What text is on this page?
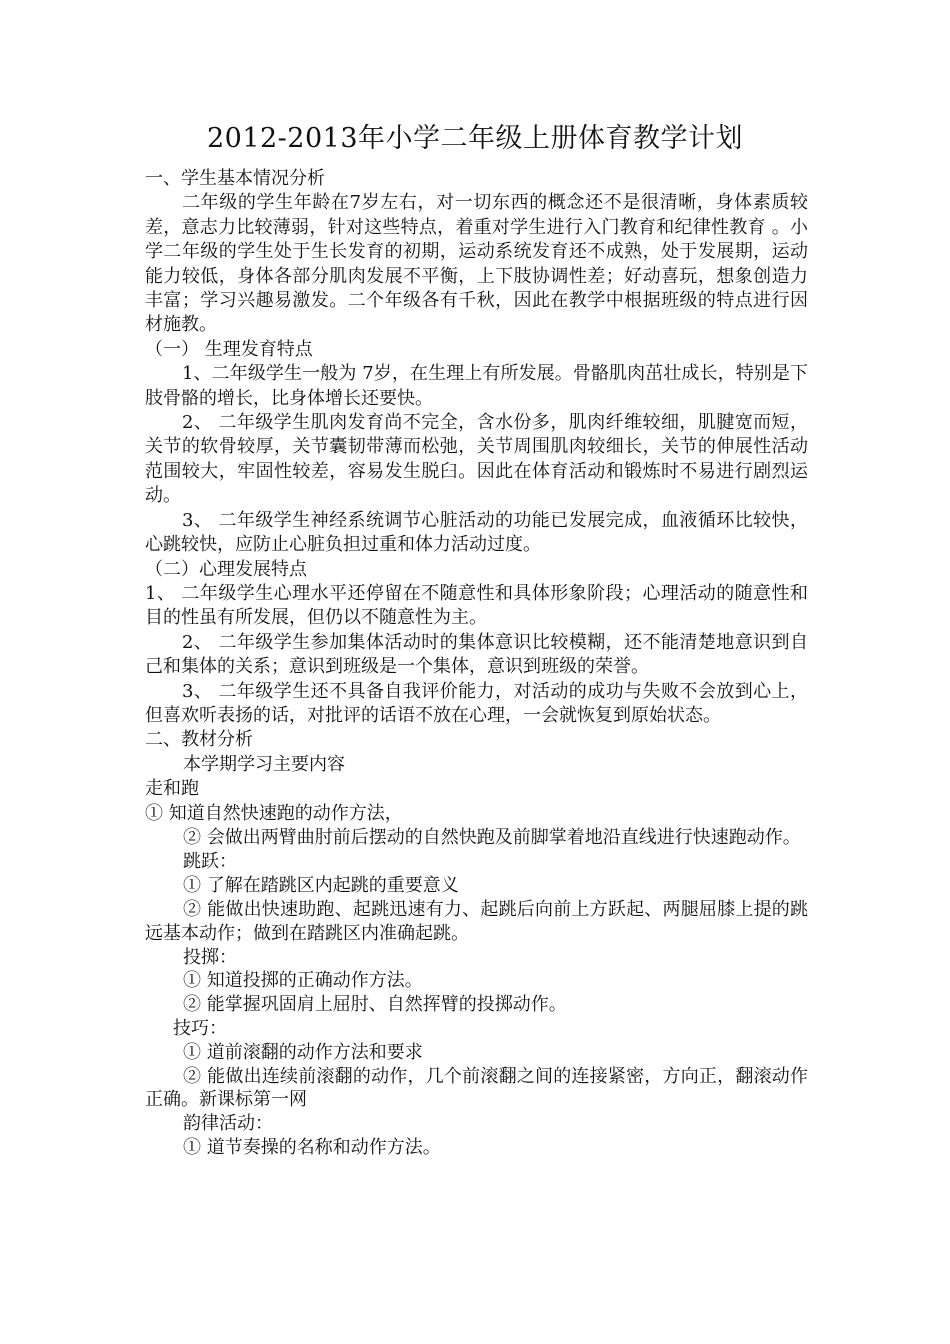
2012-2013年小学二年级上册体育教学计划

一、学生基本情况分析

二年级的学生年龄在7岁左右，对一切东西的概念还不是很清晰，身体素质较差，意志力比较薄弱，针对这些特点，着重对学生进行入门教育和纪律性教育 。小学二年级的学生处于生长发育的初期，运动系统发育还不成熟，处于发展期，运动能力较低，身体各部分肌肉发展不平衡，上下肢协调性差；好动喜玩，想象创造力丰富；学习兴趣易激发。二个年级各有千秋，因此在教学中根据班级的特点进行因材施教。

（一） 生理发育特点

1、二年级学生一般为 7岁，在生理上有所发展。骨骼肌肉茁壮成长，特别是下肢骨骼的增长，比身体增长还要快。

2、 二年级学生肌肉发育尚不完全，含水份多，肌肉纤维较细，肌腱宽而短，关节的软骨较厚，关节囊韧带薄而松弛，关节周围肌肉较细长，关节的伸展性活动范围较大，牢固性较差，容易发生脱臼。因此在体育活动和锻炼时不易进行剧烈运动。

3、 二年级学生神经系统调节心脏活动的功能已发展完成，血液循环比较快，心跳较快，应防止心脏负担过重和体力活动过度。

（二）心理发展特点

1、 二年级学生心理水平还停留在不随意性和具体形象阶段；心理活动的随意性和目的性虽有所发展，但仍以不随意性为主。

2、 二年级学生参加集体活动时的集体意识比较模糊，还不能清楚地意识到自己和集体的关系；意识到班级是一个集体，意识到班级的荣誉。

3、 二年级学生还不具备自我评价能力，对活动的成功与失败不会放到心上，但喜欢听表扬的话，对批评的话语不放在心理，一会就恢复到原始状态。

二、教材分析

本学期学习主要内容

走和跑

① 知道自然快速跑的动作方法，

② 会做出两臂曲肘前后摆动的自然快跑及前脚掌着地沿直线进行快速跑动作。

跳跃：

① 了解在踏跳区内起跳的重要意义

② 能做出快速助跑、起跳迅速有力、起跳后向前上方跃起、两腿屈膝上提的跳远基本动作；做到在踏跳区内准确起跳。

投掷：

① 知道投掷的正确动作方法。

② 能掌握巩固肩上屈肘、自然挥臂的投掷动作。

技巧：

① 道前滚翻的动作方法和要求

② 能做出连续前滚翻的动作，几个前滚翻之间的连接紧密，方向正，翻滚动作正确。新课标第一网

韵律活动：

① 道节奏操的名称和动作方法。
